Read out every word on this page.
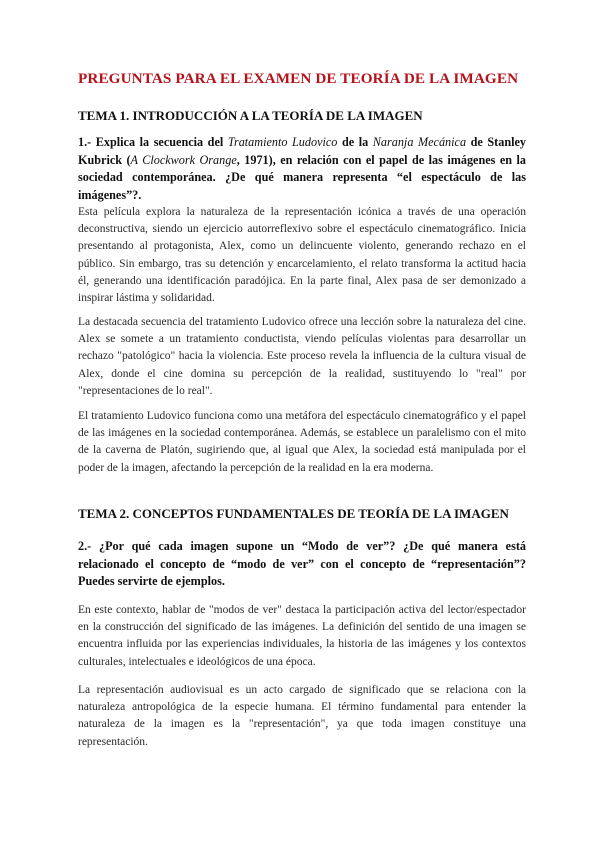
PREGUNTAS PARA EL EXAMEN DE TEORÍA DE LA IMAGEN
TEMA 1. INTRODUCCIÓN A LA TEORÍA DE LA IMAGEN
1.- Explica la secuencia del Tratamiento Ludovico de la Naranja Mecánica de Stanley Kubrick (A Clockwork Orange, 1971), en relación con el papel de las imágenes en la sociedad contemporánea. ¿De qué manera representa “el espectáculo de las imágenes”?.
Esta película explora la naturaleza de la representación icónica a través de una operación deconstructiva, siendo un ejercicio autorreflexivo sobre el espectáculo cinematográfico. Inicia presentando al protagonista, Alex, como un delincuente violento, generando rechazo en el público. Sin embargo, tras su detención y encarcelamiento, el relato transforma la actitud hacia él, generando una identificación paradójica. En la parte final, Alex pasa de ser demonizado a inspirar lástima y solidaridad.
La destacada secuencia del tratamiento Ludovico ofrece una lección sobre la naturaleza del cine. Alex se somete a un tratamiento conductista, viendo películas violentas para desarrollar un rechazo "patológico" hacia la violencia. Este proceso revela la influencia de la cultura visual de Alex, donde el cine domina su percepción de la realidad, sustituyendo lo "real" por "representaciones de lo real".
El tratamiento Ludovico funciona como una metáfora del espectáculo cinematográfico y el papel de las imágenes en la sociedad contemporánea. Además, se establece un paralelismo con el mito de la caverna de Platón, sugiriendo que, al igual que Alex, la sociedad está manipulada por el poder de la imagen, afectando la percepción de la realidad en la era moderna.
TEMA 2. CONCEPTOS FUNDAMENTALES DE TEORÍA DE LA IMAGEN
2.- ¿Por qué cada imagen supone un “Modo de ver”? ¿De qué manera está relacionado el concepto de “modo de ver” con el concepto de “representación”? Puedes servirte de ejemplos.
En este contexto, hablar de "modos de ver" destaca la participación activa del lector/espectador en la construcción del significado de las imágenes. La definición del sentido de una imagen se encuentra influida por las experiencias individuales, la historia de las imágenes y los contextos culturales, intelectuales e ideológicos de una época.
La representación audiovisual es un acto cargado de significado que se relaciona con la naturaleza antropológica de la especie humana. El término fundamental para entender la naturaleza de la imagen es la "representación", ya que toda imagen constituye una representación.
